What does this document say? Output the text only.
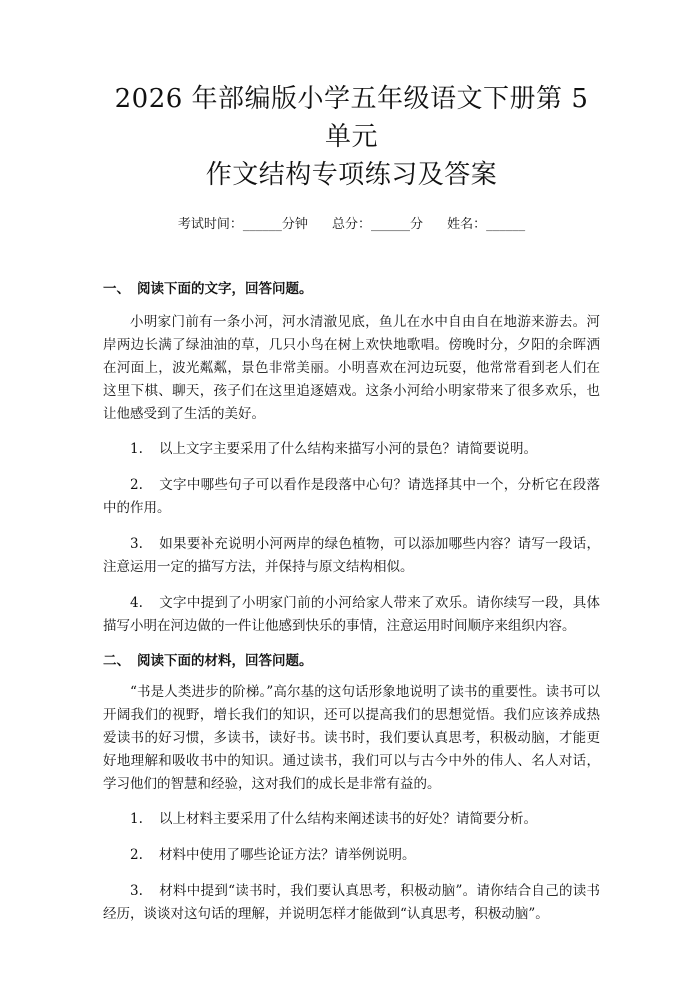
2026 年部编版小学五年级语文下册第 5 单元
作文结构专项练习及答案
考试时间：______分钟 总分：______分 姓名：______
一、 阅读下面的文字，回答问题。

小明家门前有一条小河，河水清澈见底，鱼儿在水中自由自在地游来游去。河岸两边长满了绿油油的草，几只小鸟在树上欢快地歌唱。傍晚时分，夕阳的余晖洒在河面上，波光粼粼，景色非常美丽。小明喜欢在河边玩耍，他常常看到老人们在这里下棋、聊天，孩子们在这里追逐嬉戏。这条小河给小明家带来了很多欢乐，也让他感受到了生活的美好。

1. 以上文字主要采用了什么结构来描写小河的景色？请简要说明。

2. 文字中哪些句子可以看作是段落中心句？请选择其中一个，分析它在段落中的作用。

3. 如果要补充说明小河两岸的绿色植物，可以添加哪些内容？请写一段话，注意运用一定的描写方法，并保持与原文结构相似。

4. 文字中提到了小明家门前的小河给家人带来了欢乐。请你续写一段，具体描写小明在河边做的一件让他感到快乐的事情，注意运用时间顺序来组织内容。

二、 阅读下面的材料，回答问题。

“书是人类进步的阶梯。”高尔基的这句话形象地说明了读书的重要性。读书可以开阔我们的视野，增长我们的知识，还可以提高我们的思想觉悟。我们应该养成热爱读书的好习惯，多读书，读好书。读书时，我们要认真思考，积极动脑，才能更好地理解和吸收书中的知识。通过读书，我们可以与古今中外的伟人、名人对话，学习他们的智慧和经验，这对我们的成长是非常有益的。

1. 以上材料主要采用了什么结构来阐述读书的好处？请简要分析。

2. 材料中使用了哪些论证方法？请举例说明。

3. 材料中提到“读书时，我们要认真思考，积极动脑”。请你结合自己的读书经历，谈谈对这句话的理解，并说明怎样才能做到“认真思考，积极动脑”。
